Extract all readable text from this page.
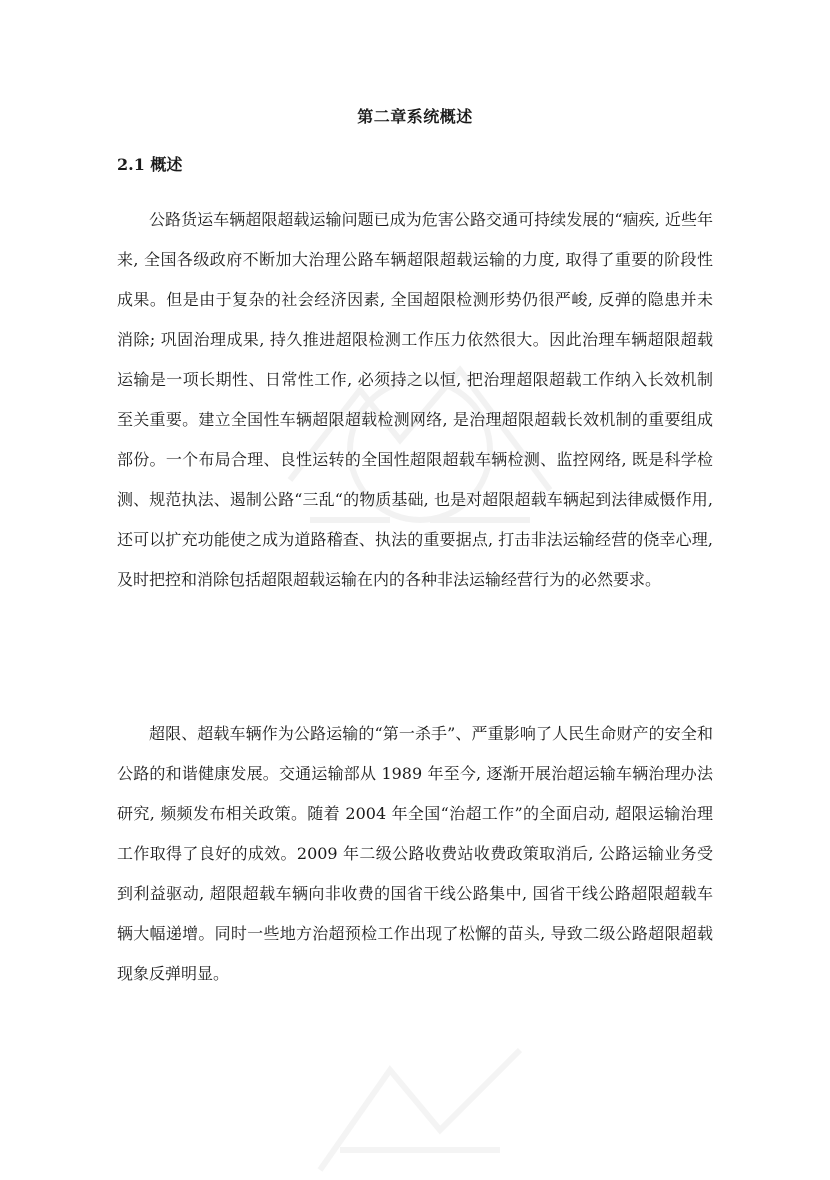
第二章系统概述
2.1 概述

公路货运车辆超限超载运输问题已成为危害公路交通可持续发展的“痼疾, 近些年来, 全国各级政府不断加大治理公路车辆超限超载运输的力度, 取得了重要的阶段性成果。但是由于复杂的社会经济因素, 全国超限检测形势仍很严峻, 反弹的隐患并未消除; 巩固治理成果, 持久推进超限检测工作压力依然很大。因此治理车辆超限超载运输是一项长期性、日常性工作, 必须持之以恒, 把治理超限超载工作纳入长效机制至关重要。建立全国性车辆超限超载检测网络, 是治理超限超载长效机制的重要组成部份。一个布局合理、良性运转的全国性超限超载车辆检测、监控网络, 既是科学检测、规范执法、遏制公路“三乱“的物质基础, 也是对超限超载车辆起到法律威慑作用, 还可以扩充功能使之成为道路稽查、执法的重要据点, 打击非法运输经营的侥幸心理, 及时把控和消除包括超限超载运输在内的各种非法运输经营行为的必然要求。

超限、超载车辆作为公路运输的“第一杀手”、严重影响了人民生命财产的安全和公路的和谐健康发展。交通运输部从 1989 年至今, 逐渐开展治超运输车辆治理办法研究, 频频发布相关政策。随着 2004 年全国“治超工作”的全面启动, 超限运输治理工作取得了良好的成效。2009 年二级公路收费站收费政策取消后, 公路运输业务受到利益驱动, 超限超载车辆向非收费的国省干线公路集中, 国省干线公路超限超载车辆大幅递增。同时一些地方治超预检工作出现了松懈的苗头, 导致二级公路超限超载现象反弹明显。
